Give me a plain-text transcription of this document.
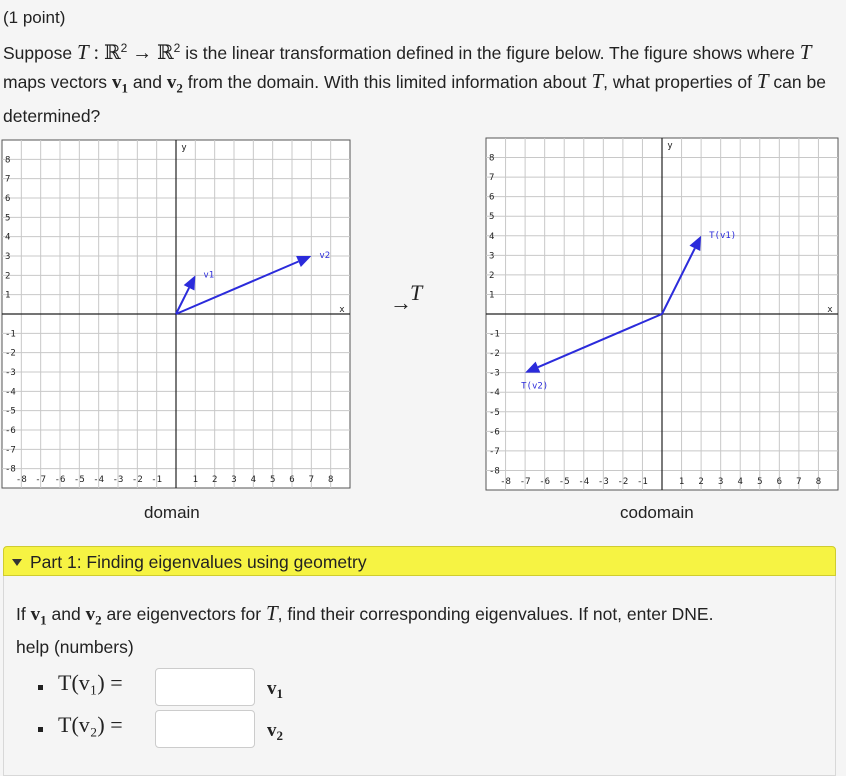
(1 point)
Suppose T : ℝ$^2$ → ℝ$^2$ is the linear transformation defined in the figure below. The figure shows where T maps vectors $v_1$ and $v_2$ from the domain. With this limited information about T, what properties of T can be determined?
-8
-8
-7
-7
-6
-6
-5
-5
-4
-4
-3
-3
-2
-2
-1
-1
1
1
2
2
3
3
4
4
5
5
6
6
7
7
8
8
x
y
v1
v2
-8
-8
-7
-7
-6
-6
-5
-5
-4
-4
-3
-3
-2
-2
-1
-1
1
1
2
2
3
3
4
4
5
5
6
6
7
7
8
8
x
y
T(v1)
T(v2)
→T
domain	codomain
Part 1: Finding eigenvalues using geometry
If $v_1$ and $v_2$ are eigenvectors for T, find their corresponding eigenvalues. If not, enter DNE.
help (numbers)
T(v₁) =	$v_1$
T(v₂) =	$v_2$
